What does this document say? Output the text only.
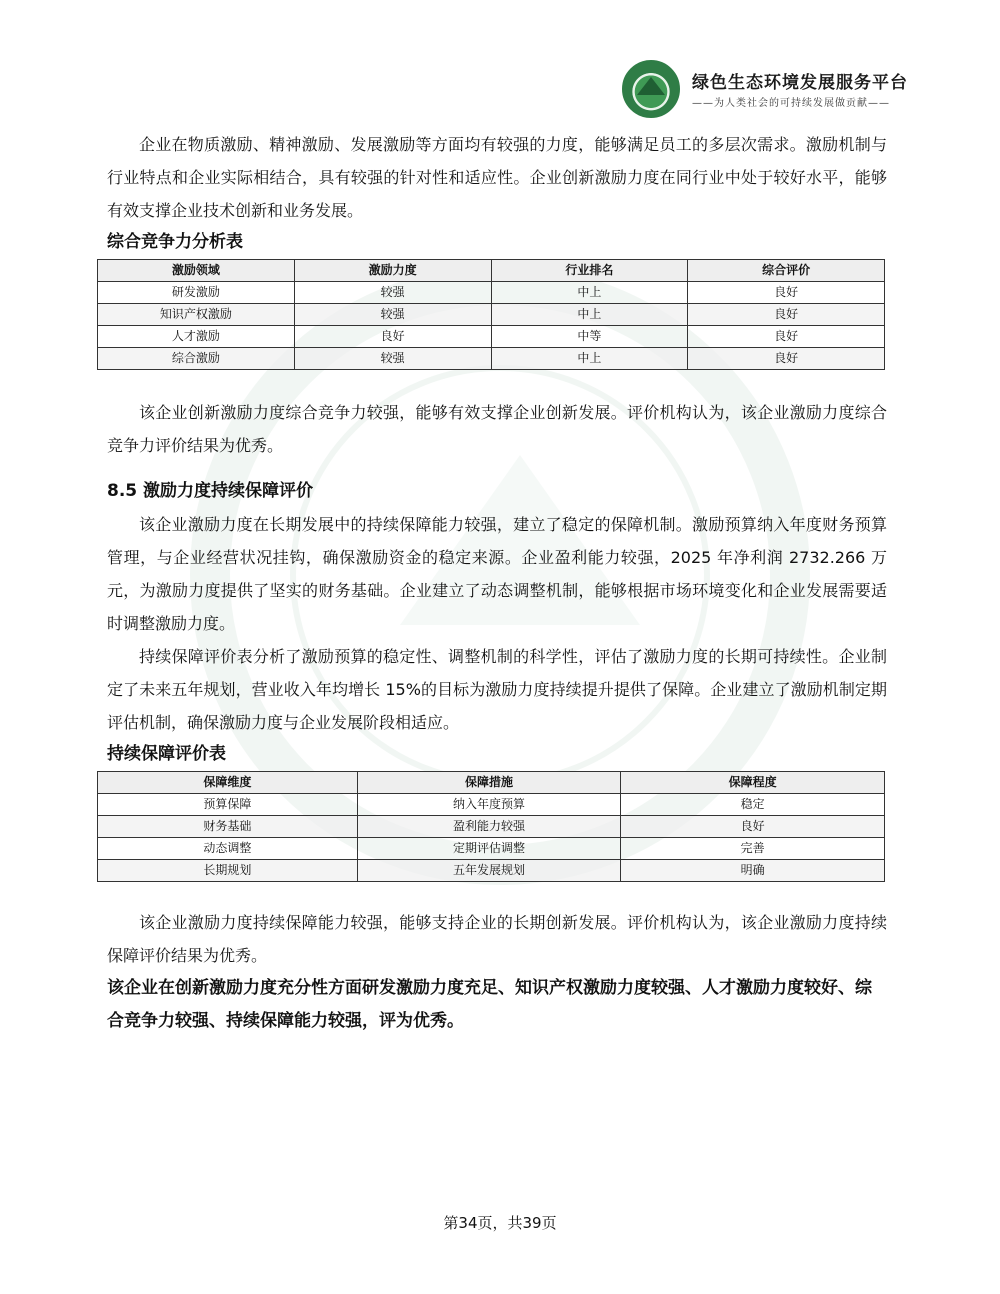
绿色生态环境发展服务平台
——为人类社会的可持续发展做贡献——

企业在物质激励、精神激励、发展激励等方面均有较强的力度，能够满足员工的多层次需求。激励机制与行业特点和企业实际相结合，具有较强的针对性和适应性。企业创新激励力度在同行业中处于较好水平，能够有效支撑企业技术创新和业务发展。

综合竞争力分析表
激励领域	激励力度	行业排名	综合评价
研发激励	较强	中上	良好
知识产权激励	较强	中上	良好
人才激励	良好	中等	良好
综合激励	较强	中上	良好

该企业创新激励力度综合竞争力较强，能够有效支撑企业创新发展。评价机构认为，该企业激励力度综合竞争力评价结果为优秀。

8.5 激励力度持续保障评价

该企业激励力度在长期发展中的持续保障能力较强，建立了稳定的保障机制。激励预算纳入年度财务预算管理，与企业经营状况挂钩，确保激励资金的稳定来源。企业盈利能力较强，2025 年净利润 2732.266 万元，为激励力度提供了坚实的财务基础。企业建立了动态调整机制，能够根据市场环境变化和企业发展需要适时调整激励力度。

持续保障评价表分析了激励预算的稳定性、调整机制的科学性，评估了激励力度的长期可持续性。企业制定了未来五年规划，营业收入年均增长 15%的目标为激励力度持续提升提供了保障。企业建立了激励机制定期评估机制，确保激励力度与企业发展阶段相适应。

持续保障评价表
保障维度	保障措施	保障程度
预算保障	纳入年度预算	稳定
财务基础	盈利能力较强	良好
动态调整	定期评估调整	完善
长期规划	五年发展规划	明确

该企业激励力度持续保障能力较强，能够支持企业的长期创新发展。评价机构认为，该企业激励力度持续保障评价结果为优秀。

该企业在创新激励力度充分性方面研发激励力度充足、知识产权激励力度较强、人才激励力度较好、综合竞争力较强、持续保障能力较强，评为优秀。

第34页，共39页
